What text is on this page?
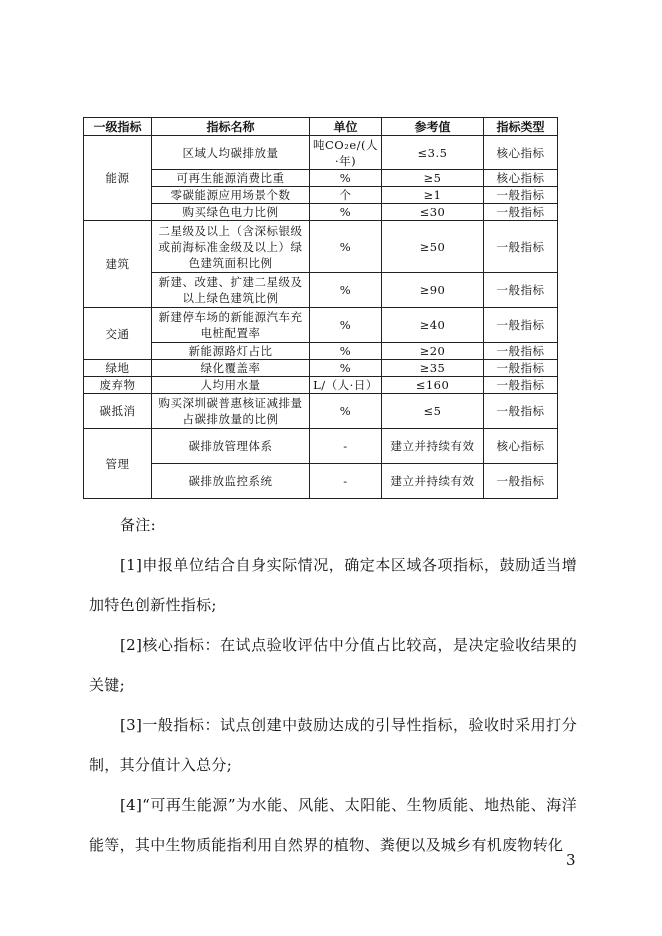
一级指标	指标名称	单位	参考值	指标类型
能源	区域人均碳排放量	吨CO₂e/(人·年)	≤3.5	核心指标
	可再生能源消费比重	%	≥5	核心指标
	零碳能源应用场景个数	个	≥1	一般指标
	购买绿色电力比例	%	≤30	一般指标
建筑	二星级及以上（含深标银级或前海标准金级及以上）绿色建筑面积比例	%	≥50	一般指标
	新建、改建、扩建二星级及以上绿色建筑比例	%	≥90	一般指标
交通	新建停车场的新能源汽车充电桩配置率	%	≥40	一般指标
	新能源路灯占比	%	≥20	一般指标
绿地	绿化覆盖率	%	≥35	一般指标
废弃物	人均用水量	L/（人·日）	≤160	一般指标
碳抵消	购买深圳碳普惠核证减排量占碳排放量的比例	%	≤5	一般指标
管理	碳排放管理体系	-	建立并持续有效	核心指标
	碳排放监控系统	-	建立并持续有效	一般指标

备注:

[1]申报单位结合自身实际情况，确定本区域各项指标，鼓励适当增加特色创新性指标;

[2]核心指标：在试点验收评估中分值占比较高，是决定验收结果的关键;

[3]一般指标：试点创建中鼓励达成的引导性指标，验收时采用打分制，其分值计入总分;

[4]“可再生能源”为水能、风能、太阳能、生物质能、地热能、海洋能等，其中生物质能指利用自然界的植物、粪便以及城乡有机废物转化

3
